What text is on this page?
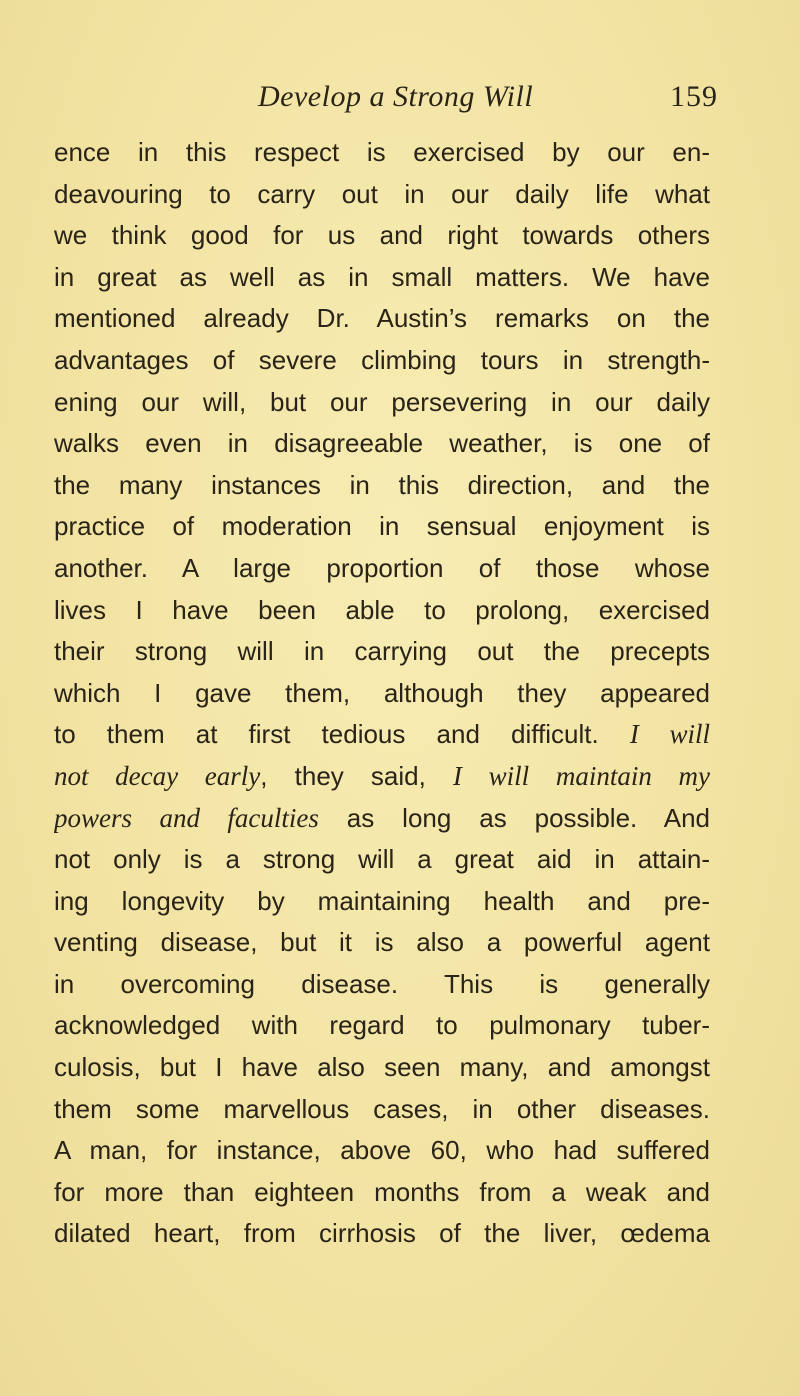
Develop a Strong Will	159
ence in this respect is exercised by our en-
deavouring to carry out in our daily life what
we think good for us and right towards others
in great as well as in small matters. We have
mentioned already Dr. Austin’s remarks on the
advantages of severe climbing tours in strength-
ening our will, but our persevering in our daily
walks even in disagreeable weather, is one of
the many instances in this direction, and the
practice of moderation in sensual enjoyment is
another. A large proportion of those whose
lives I have been able to prolong, exercised
their strong will in carrying out the precepts
which I gave them, although they appeared
to them at first tedious and difficult. I will
not decay early, they said, I will maintain my
powers and faculties as long as possible. And
not only is a strong will a great aid in attain-
ing longevity by maintaining health and pre-
venting disease, but it is also a powerful agent
in overcoming disease. This is generally
acknowledged with regard to pulmonary tuber-
culosis, but I have also seen many, and amongst
them some marvellous cases, in other diseases.
A man, for instance, above 60, who had suffered
for more than eighteen months from a weak and
dilated heart, from cirrhosis of the liver, œdema
